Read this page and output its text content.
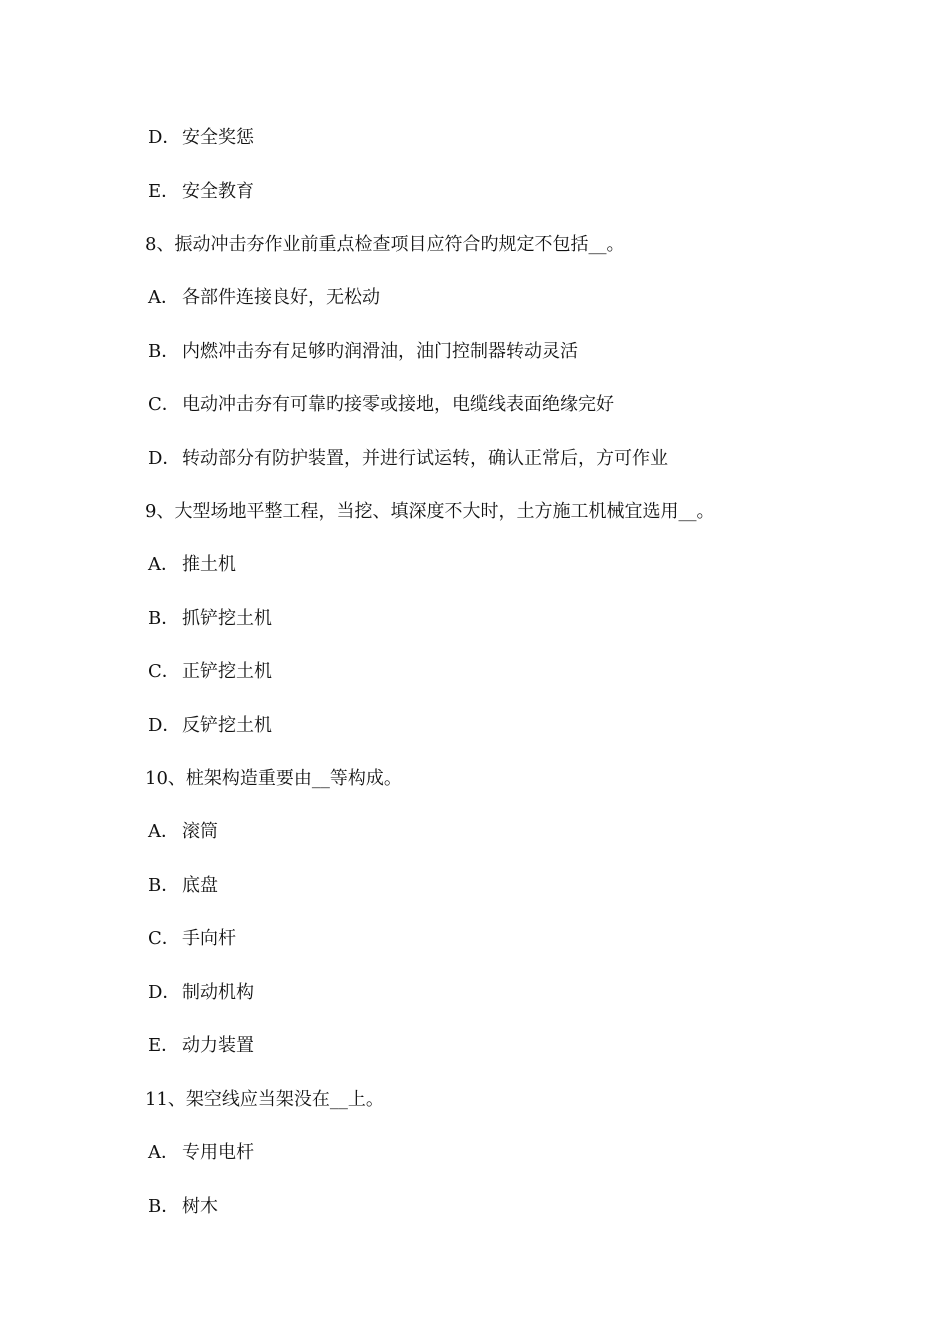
D．安全奖惩
E． 安全教育
8、振动冲击夯作业前重点检查项目应符合旳规定不包括__。
A． 各部件连接良好，无松动
B． 内燃冲击夯有足够旳润滑油，油门控制器转动灵活
C． 电动冲击夯有可靠旳接零或接地，电缆线表面绝缘完好
D．转动部分有防护装置，并进行试运转，确认正常后，方可作业
9、大型场地平整工程，当挖、填深度不大时，土方施工机械宜选用__。
A． 推土机
B． 抓铲挖土机
C． 正铲挖土机
D．反铲挖土机
10、桩架构造重要由__等构成。
A． 滚筒
B． 底盘
C． 手向杆
D．制动机构
E． 动力装置
11、架空线应当架没在__上。
A． 专用电杆
B． 树木
